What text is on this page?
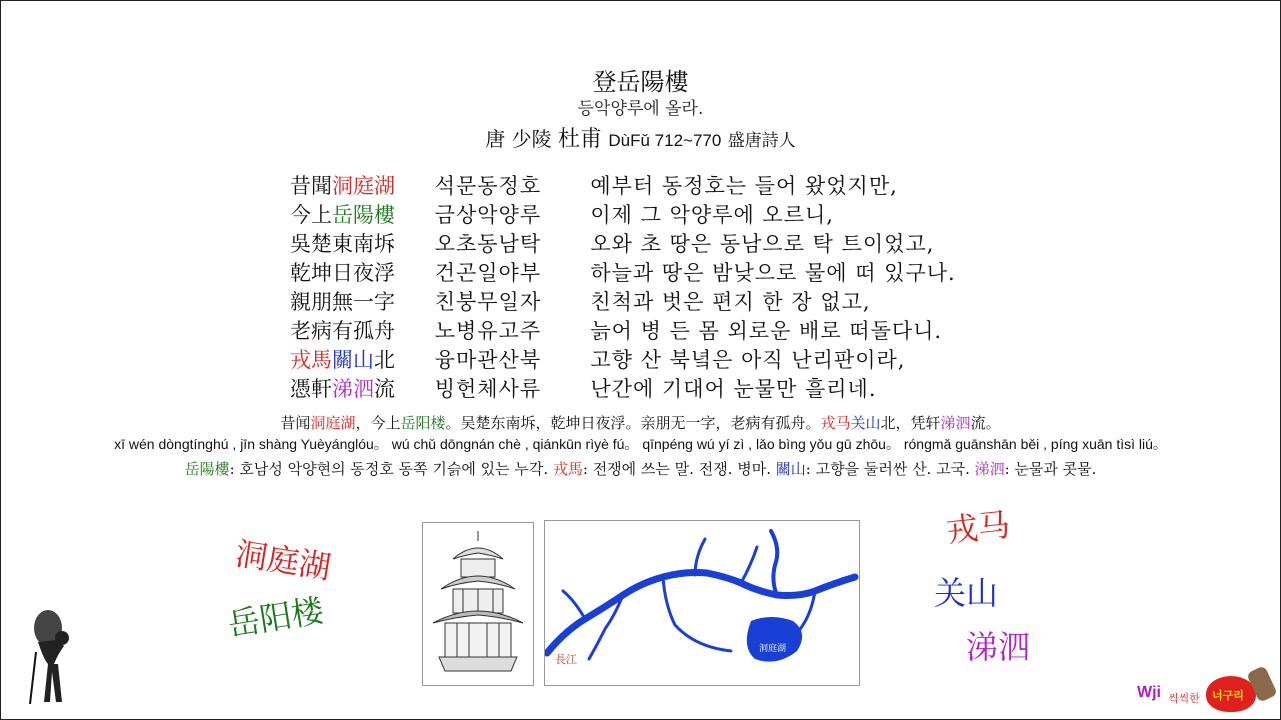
登岳陽樓
등악양루에 올라.
唐 少陵 杜甫 DùFǔ 712~770 盛唐詩人
昔聞洞庭湖 석문동정호 예부터 동정호는 들어 왔었지만,
今上岳陽樓 금상악양루 이제 그 악양루에 오르니,
吳楚東南坼 오초동남탁 오와 초 땅은 동남으로 탁 트이었고,
乾坤日夜浮 건곤일야부 하늘과 땅은 밤낮으로 물에 떠 있구나.
親朋無一字 친붕무일자 친척과 벗은 편지 한 장 없고,
老病有孤舟 노병유고주 늙어 병 든 몸 외로운 배로 떠돌다니.
戎馬關山北 융마관산북 고향 산 북녘은 아직 난리판이라,
憑軒涕泗流 빙헌체사류 난간에 기대어 눈물만 흘리네.
昔闻洞庭湖，今上岳阳楼。吴楚东南坼，乾坤日夜浮。亲朋无一字，老病有孤舟。戎马关山北，凭轩涕泗流。
xī wén dòngtínghú , jīn shàng Yuèyánglóu。 wú chǔ dōngnán chè , qiánkūn rìyè fú。 qīnpéng wú yí zì , lǎo bìng yǒu gū zhōu。 róngmǎ guānshān běi , píng xuān tìsì liú。
岳陽樓: 호남성 악양현의 동정호 동쪽 기슭에 있는 누각. 戎馬: 전쟁에 쓰는 말. 전쟁. 병마. 關山: 고향을 둘러싼 산. 고국. 涕泗: 눈물과 콧물.
洞庭湖
岳阳楼
戎马
关山
涕泗
長江
洞庭湖
Wji 씩씩한 너구리
